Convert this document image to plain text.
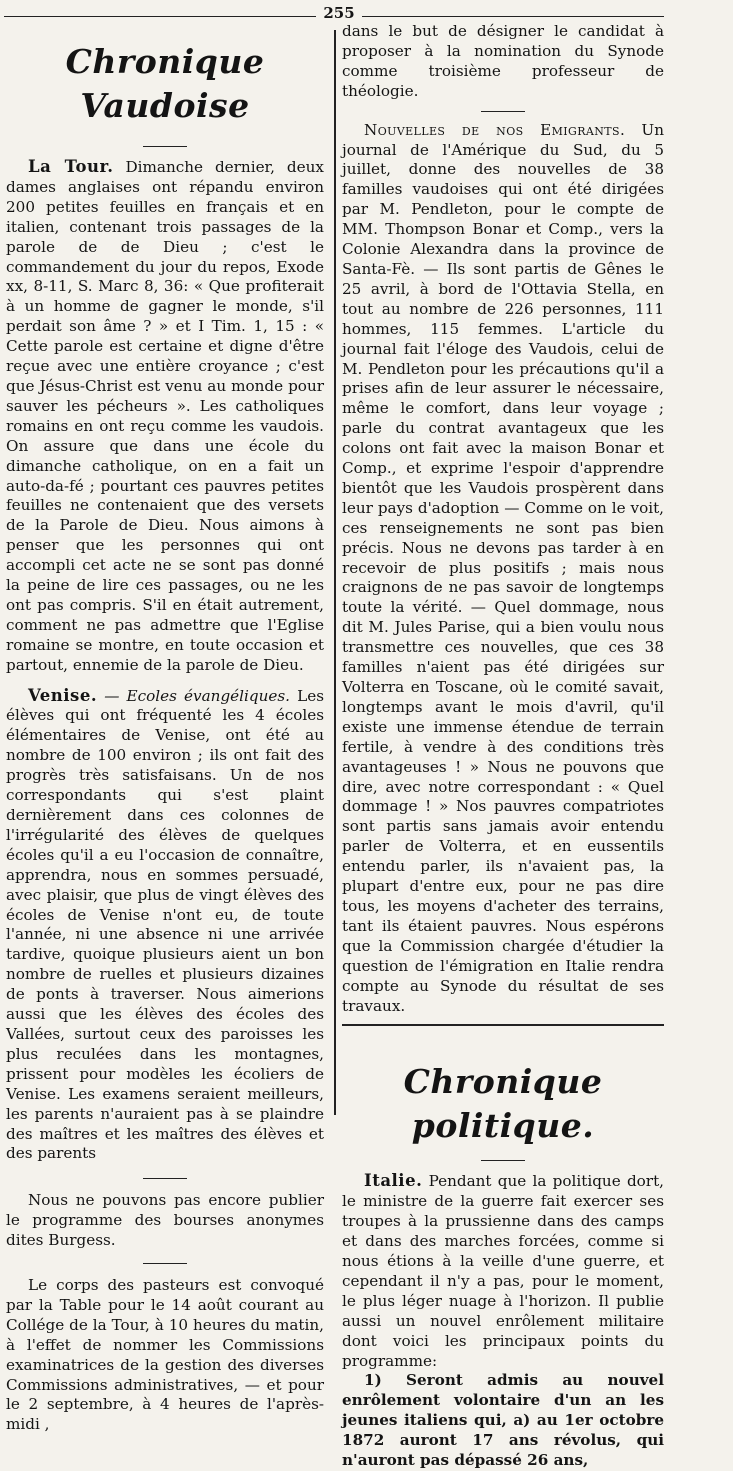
255
Chronique Vaudoise

La Tour. Dimanche dernier, deux dames anglaises ont répandu environ 200 petites feuilles en français et en italien, contenant trois passages de la parole de de Dieu ; c'est le commandement du jour du repos, Exode xx, 8-11, S. Marc 8, 36: « Que profiterait à un homme de gagner le monde, s'il perdait son âme ? » et I Tim. 1, 15 : « Cette parole est certaine et digne d'être reçue avec une entière croyance ; c'est que Jésus-Christ est venu au monde pour sauver les pécheurs ». Les catholiques romains en ont reçu comme les vaudois. On assure que dans une école du dimanche catholique, on en a fait un auto-da-fé ; pourtant ces pauvres petites feuilles ne contenaient que des versets de la Parole de Dieu. Nous aimons à penser que les personnes qui ont accompli cet acte ne se sont pas donné la peine de lire ces passages, ou ne les ont pas compris. S'il en était autrement, comment ne pas admettre que l'Eglise romaine se montre, en toute occasion et partout, ennemie de la parole de Dieu.

Venise. — Ecoles évangéliques. Les élèves qui ont fréquenté les 4 écoles élémentaires de Venise, ont été au nombre de 100 environ ; ils ont fait des progrès très satisfaisans. Un de nos correspondants qui s'est plaint dernièrement dans ces colonnes de l'irrégularité des élèves de quelques écoles qu'il a eu l'occasion de connaître, apprendra, nous en sommes persuadé, avec plaisir, que plus de vingt élèves des écoles de Venise n'ont eu, de toute l'année, ni une absence ni une arrivée tardive, quoique plusieurs aient un bon nombre de ruelles et plusieurs dizaines de ponts à traverser. Nous aimerions aussi que les élèves des écoles des Vallées, surtout ceux des paroisses les plus reculées dans les montagnes, prissent pour modèles les écoliers de Venise. Les examens seraient meilleurs, les parents n'auraient pas à se plaindre des maîtres et les maîtres des élèves et des parents

Nous ne pouvons pas encore publier le programme des bourses anonymes dites Burgess.

Le corps des pasteurs est convoqué par la Table pour le 14 août courant au Collége de la Tour, à 10 heures du matin, à l'effet de nommer les Commissions examinatrices de la gestion des diverses Commissions administratives, — et pour le 2 septembre, à 4 heures de l'après-midi ,

dans le but de désigner le candidat à proposer à la nomination du Synode comme troisième professeur de théologie.

Nouvelles de nos Emigrants. Un journal de l'Amérique du Sud, du 5 juillet, donne des nouvelles de 38 familles vaudoises qui ont été dirigées par M. Pendleton, pour le compte de MM. Thompson Bonar et Comp., vers la Colonie Alexandra dans la province de Santa-Fè. — Ils sont partis de Gênes le 25 avril, à bord de l'Ottavia Stella, en tout au nombre de 226 personnes, 111 hommes, 115 femmes. L'article du journal fait l'éloge des Vaudois, celui de M. Pendleton pour les précautions qu'il a prises afin de leur assurer le nécessaire, même le comfort, dans leur voyage ; parle du contrat avantageux que les colons ont fait avec la maison Bonar et Comp., et exprime l'espoir d'apprendre bientôt que les Vaudois prospèrent dans leur pays d'adoption — Comme on le voit, ces renseignements ne sont pas bien précis. Nous ne devons pas tarder à en recevoir de plus positifs ; mais nous craignons de ne pas savoir de longtemps toute la vérité. — Quel dommage, nous dit M. Jules Parise, qui a bien voulu nous transmettre ces nouvelles, que ces 38 familles n'aient pas été dirigées sur Volterra en Toscane, où le comité savait, longtemps avant le mois d'avril, qu'il existe une immense étendue de terrain fertile, à vendre à des conditions très avantageuses ! » Nous ne pouvons que dire, avec notre correspondant : « Quel dommage ! » Nos pauvres compatriotes sont partis sans jamais avoir entendu parler de Volterra, et en eussentils entendu parler, ils n'avaient pas, la plupart d'entre eux, pour ne pas dire tous, les moyens d'acheter des terrains, tant ils étaient pauvres. Nous espérons que la Commission chargée d'étudier la question de l'émigration en Italie rendra compte au Synode du résultat de ses travaux.

Chronique politique.

Italie. Pendant que la politique dort, le ministre de la guerre fait exercer ses troupes à la prussienne dans des camps et dans des marches forcées, comme si nous étions à la veille d'une guerre, et cependant il n'y a pas, pour le moment, le plus léger nuage à l'horizon. Il publie aussi un nouvel enrôlement militaire dont voici les principaux points du programme:

1) Seront admis au nouvel enrôlement volontaire d'un an les jeunes italiens qui, a) au 1er octobre 1872 auront 17 ans révolus, qui n'auront pas dépassé 26 ans,
